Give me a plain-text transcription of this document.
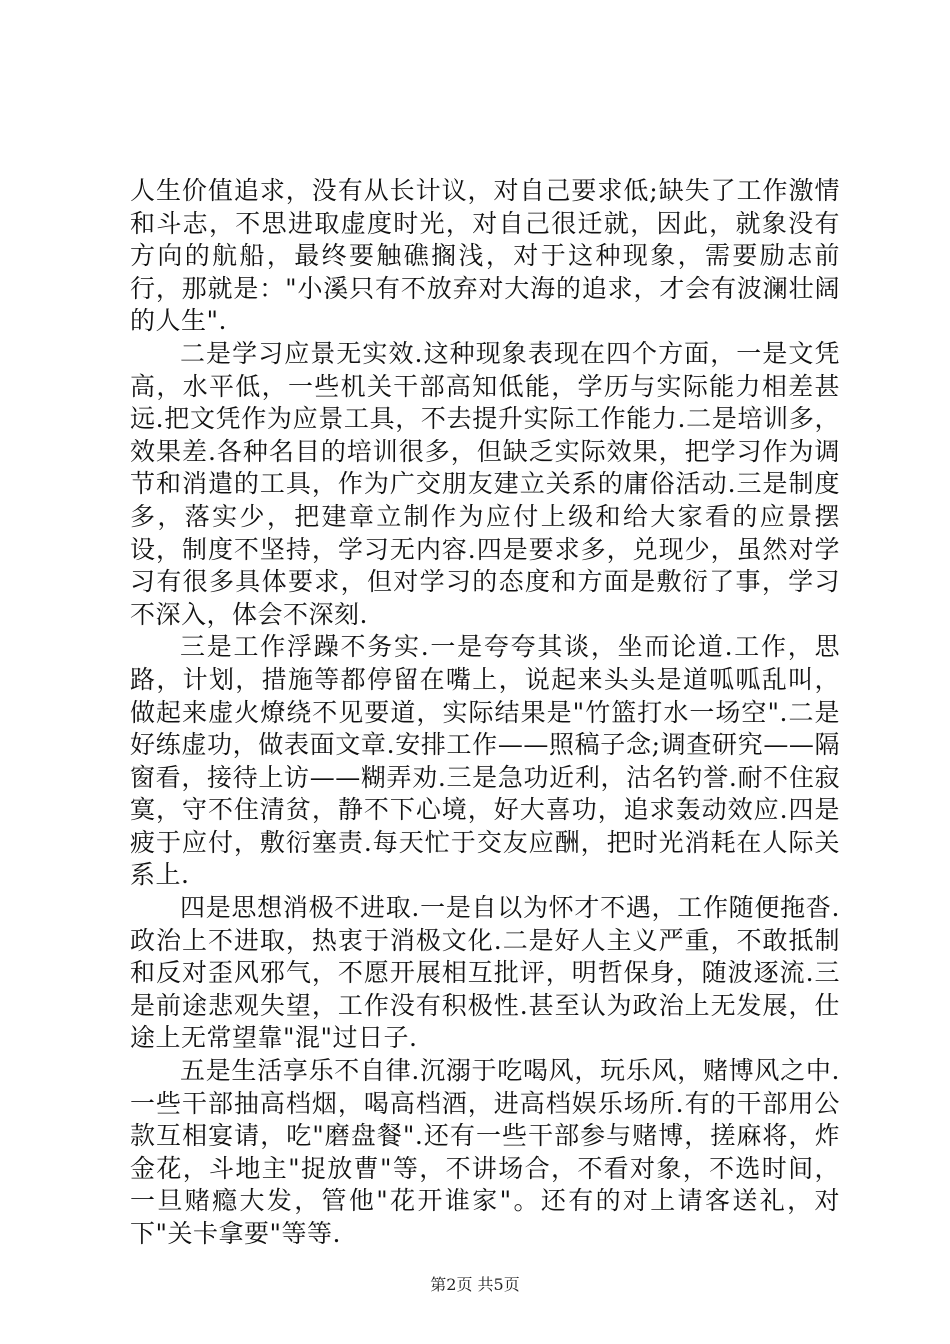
人生价值追求，没有从长计议，对自己要求低;缺失了工作激情和斗志，不思进取虚度时光，对自己很迁就，因此，就象没有方向的航船，最终要触礁搁浅，对于这种现象，需要励志前行，那就是："小溪只有不放弃对大海的追求，才会有波澜壮阔的人生".

二是学习应景无实效.这种现象表现在四个方面，一是文凭高，水平低，一些机关干部高知低能，学历与实际能力相差甚远.把文凭作为应景工具，不去提升实际工作能力.二是培训多，效果差.各种名目的培训很多，但缺乏实际效果，把学习作为调节和消遣的工具，作为广交朋友建立关系的庸俗活动.三是制度多，落实少，把建章立制作为应付上级和给大家看的应景摆设，制度不坚持，学习无内容.四是要求多，兑现少，虽然对学习有很多具体要求，但对学习的态度和方面是敷衍了事，学习不深入，体会不深刻.

三是工作浮躁不务实.一是夸夸其谈，坐而论道.工作，思路，计划，措施等都停留在嘴上，说起来头头是道呱呱乱叫，做起来虚火燎绕不见要道，实际结果是"竹篮打水一场空".二是好练虚功，做表面文章.安排工作——照稿子念;调查研究——隔窗看，接待上访——糊弄劝.三是急功近利，沽名钓誉.耐不住寂寞，守不住清贫，静不下心境，好大喜功，追求轰动效应.四是疲于应付，敷衍塞责.每天忙于交友应酬，把时光消耗在人际关系上.

四是思想消极不进取.一是自以为怀才不遇，工作随便拖沓.政治上不进取，热衷于消极文化.二是好人主义严重，不敢抵制和反对歪风邪气，不愿开展相互批评，明哲保身，随波逐流.三是前途悲观失望，工作没有积极性.甚至认为政治上无发展，仕途上无常望靠"混"过日子.

五是生活享乐不自律.沉溺于吃喝风，玩乐风，赌博风之中.一些干部抽高档烟，喝高档酒，进高档娱乐场所.有的干部用公款互相宴请，吃"磨盘餐".还有一些干部参与赌博，搓麻将，炸金花，斗地主"捉放曹"等，不讲场合，不看对象，不选时间，一旦赌瘾大发，管他"花开谁家"。还有的对上请客送礼，对下"关卡拿要"等等.

第2页 共5页
